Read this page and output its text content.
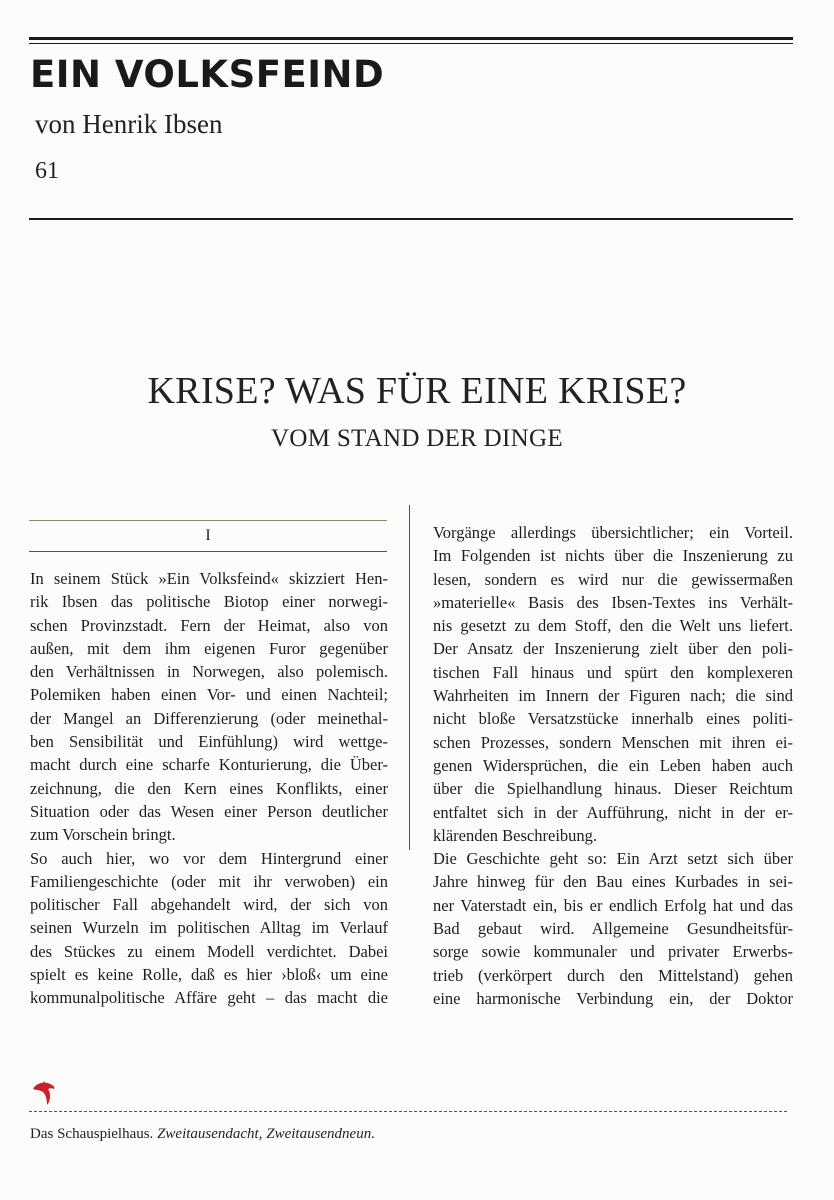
EIN VOLKSFEIND
von Henrik Ibsen
61
KRISE? WAS FÜR EINE KRISE?
VOM STAND DER DINGE
I
In seinem Stück »Ein Volksfeind« skizziert Hen-
rik Ibsen das politische Biotop einer norwegi-
schen Provinzstadt. Fern der Heimat, also von
außen, mit dem ihm eigenen Furor gegenüber
den Verhältnissen in Norwegen, also polemisch.
Polemiken haben einen Vor- und einen Nachteil;
der Mangel an Differenzierung (oder meinethal-
ben Sensibilität und Einfühlung) wird wettge-
macht durch eine scharfe Konturierung, die Über-
zeichnung, die den Kern eines Konflikts, einer
Situation oder das Wesen einer Person deutlicher
zum Vorschein bringt.
So auch hier, wo vor dem Hintergrund einer
Familiengeschichte (oder mit ihr verwoben) ein
politischer Fall abgehandelt wird, der sich von
seinen Wurzeln im politischen Alltag im Verlauf
des Stückes zu einem Modell verdichtet. Dabei
spielt es keine Rolle, daß es hier ›bloß‹ um eine
kommunalpolitische Affäre geht – das macht die
Vorgänge allerdings übersichtlicher; ein Vorteil.
Im Folgenden ist nichts über die Inszenierung zu
lesen, sondern es wird nur die gewissermaßen
»materielle« Basis des Ibsen-Textes ins Verhält-
nis gesetzt zu dem Stoff, den die Welt uns liefert.
Der Ansatz der Inszenierung zielt über den poli-
tischen Fall hinaus und spürt den komplexeren
Wahrheiten im Innern der Figuren nach; die sind
nicht bloße Versatzstücke innerhalb eines politi-
schen Prozesses, sondern Menschen mit ihren ei-
genen Widersprüchen, die ein Leben haben auch
über die Spielhandlung hinaus. Dieser Reichtum
entfaltet sich in der Aufführung, nicht in der er-
klärenden Beschreibung.
Die Geschichte geht so: Ein Arzt setzt sich über
Jahre hinweg für den Bau eines Kurbades in sei-
ner Vaterstadt ein, bis er endlich Erfolg hat und das
Bad gebaut wird. Allgemeine Gesundheitsfür-
sorge sowie kommunaler und privater Erwerbs-
trieb (verkörpert durch den Mittelstand) gehen
eine harmonische Verbindung ein, der Doktor
Das Schauspielhaus. Zweitausendacht, Zweitausendneun.
